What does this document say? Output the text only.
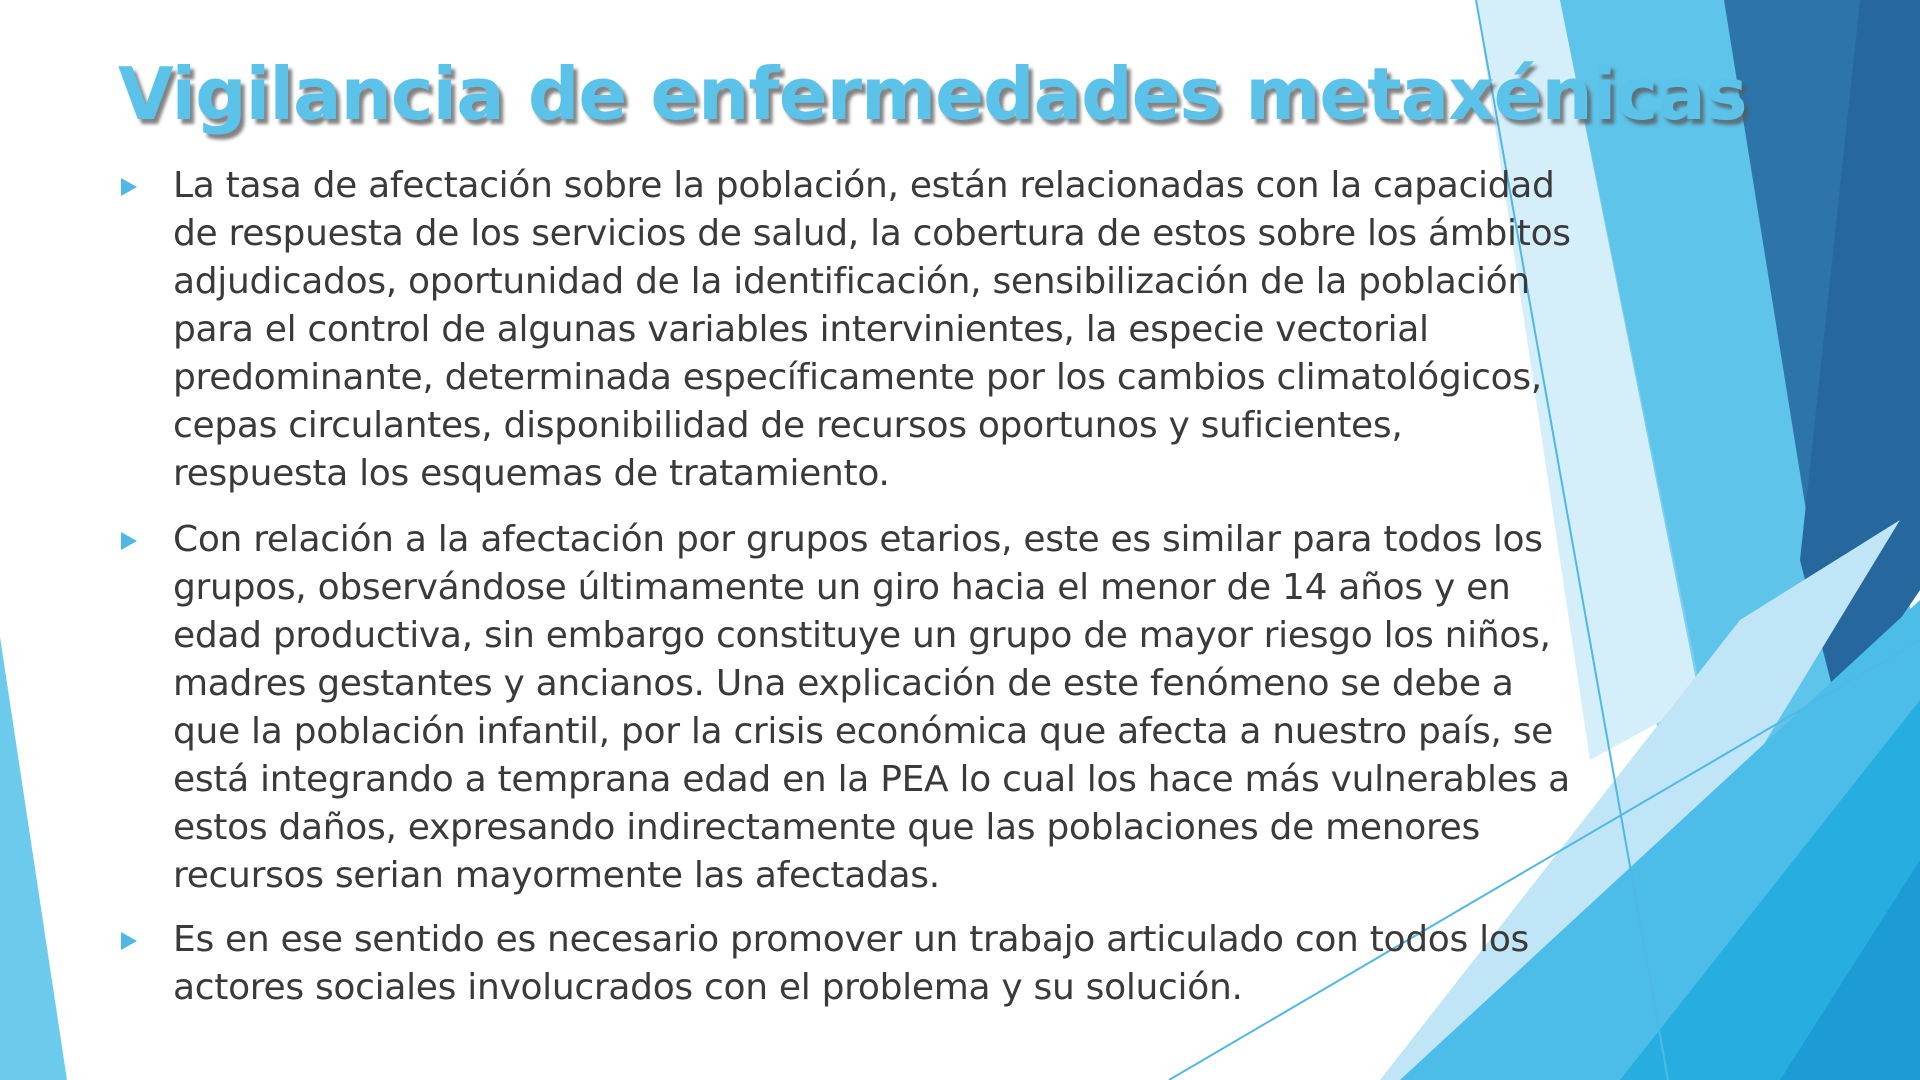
Vigilancia de enfermedades metaxénicas
La tasa de afectación sobre la población, están relacionadas con la capacidad
de respuesta de los servicios de salud, la cobertura de estos sobre los ámbitos
adjudicados, oportunidad de la identificación, sensibilización de la población
para el control de algunas variables intervinientes, la especie vectorial
predominante, determinada específicamente por los cambios climatológicos,
cepas circulantes, disponibilidad de recursos oportunos y suficientes,
respuesta los esquemas de tratamiento.
Con relación a la afectación por grupos etarios, este es similar para todos los
grupos, observándose últimamente un giro hacia el menor de 14 años y en
edad productiva, sin embargo constituye un grupo de mayor riesgo los niños,
madres gestantes y ancianos. Una explicación de este fenómeno se debe a
que la población infantil, por la crisis económica que afecta a nuestro país, se
está integrando a temprana edad en la PEA lo cual los hace más vulnerables a
estos daños, expresando indirectamente que las poblaciones de menores
recursos serian mayormente las afectadas.
Es en ese sentido es necesario promover un trabajo articulado con todos los
actores sociales involucrados con el problema y su solución.
